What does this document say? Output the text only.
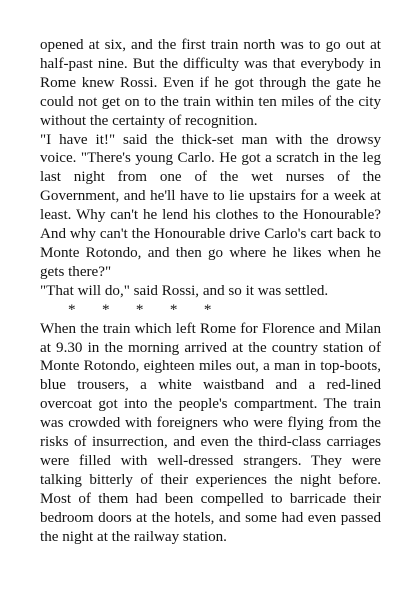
opened at six, and the first train north was to go out at half-past nine. But the difficulty was that everybody in Rome knew Rossi. Even if he got through the gate he could not get on to the train within ten miles of the city without the certainty of recognition.

"I have it!" said the thick-set man with the drowsy voice. "There's young Carlo. He got a scratch in the leg last night from one of the wet nurses of the Government, and he'll have to lie upstairs for a week at least. Why can't he lend his clothes to the Honourable? And why can't the Honourable drive Carlo's cart back to Monte Rotondo, and then go where he likes when he gets there?"

"That will do," said Rossi, and so it was settled.

*       *       *       *       *

When the train which left Rome for Florence and Milan at 9.30 in the morning arrived at the country station of Monte Rotondo, eighteen miles out, a man in top-boots, blue trousers, a white waistband and a red-lined overcoat got into the people's compartment. The train was crowded with foreigners who were flying from the risks of insurrection, and even the third-class carriages were filled with well-dressed strangers. They were talking bitterly of their experiences the night before. Most of them had been compelled to barricade their bedroom doors at the hotels, and some had even passed the night at the railway station.
